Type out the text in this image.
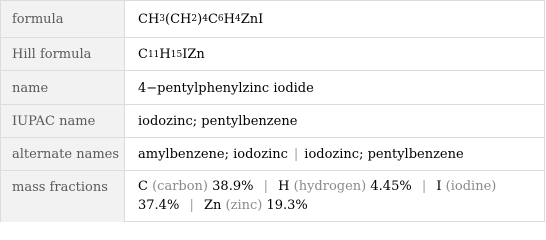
formula	CH 3 (CH 2 ) 4 C 6 H 4 ZnI
Hill formula	C 11 H 15 IZn
name	4−pentylphenylzinc iodide
IUPAC name	iodozinc; pentylbenzene
alternate names	amylbenzene; iodozinc | iodozinc; pentylbenzene
mass fractions	C (carbon) 38.9% | H (hydrogen) 4.45% | I (iodine)
37.4% | Zn (zinc) 19.3%
